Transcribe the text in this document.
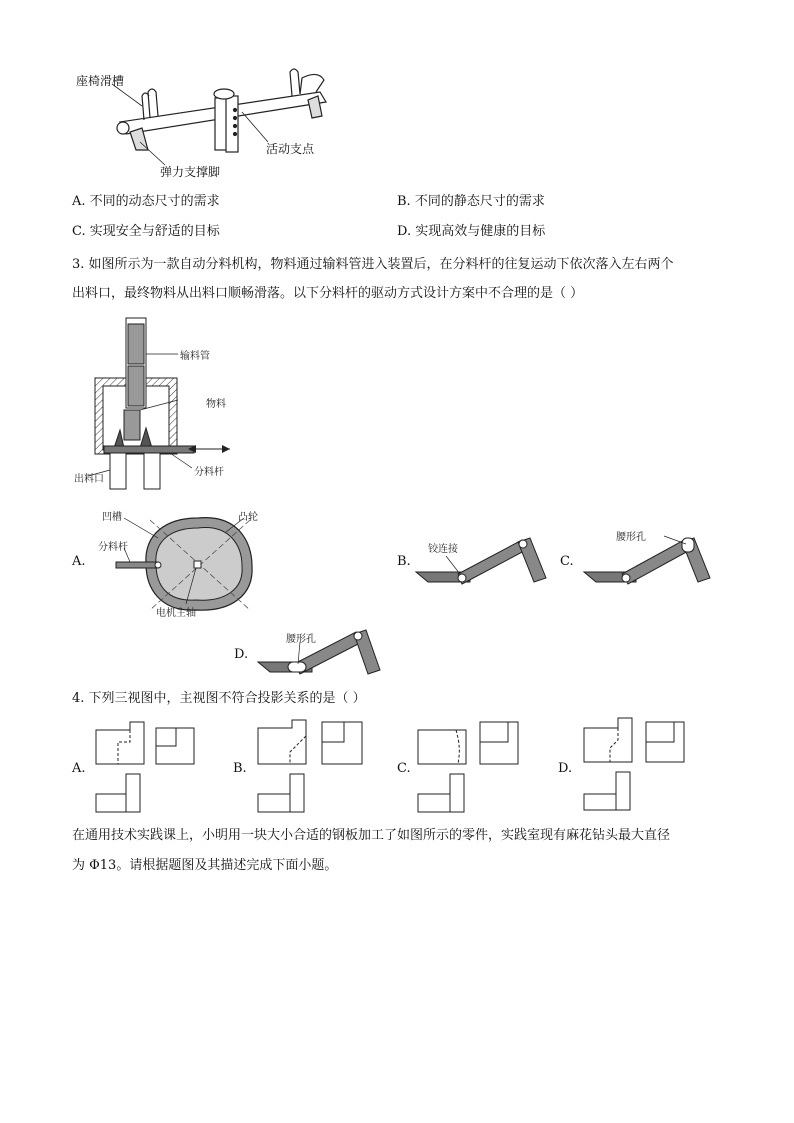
座椅滑槽
活动支点
弹力支撑脚
A. 不同的动态尺寸的需求	B. 不同的静态尺寸的需求
C. 实现安全与舒适的目标	D. 实现高效与健康的目标
3. 如图所示为一款自动分料机构，物料通过输料管进入装置后，在分料杆的往复运动下依次落入左右两个
出料口，最终物料从出料口顺畅滑落。以下分料杆的驱动方式设计方案中不合理的是（ ）
输料管
物料
分料杆
出料口
A.
凹槽	凸轮
分料杆
电机主轴
B.
铰连接
C.
腰形孔
D.
腰形孔
4. 下列三视图中，主视图不符合投影关系的是（ ）
A.	B.	C.	D.
在通用技术实践课上，小明用一块大小合适的钢板加工了如图所示的零件，实践室现有麻花钻头最大直径
为 Φ13。请根据题图及其描述完成下面小题。
